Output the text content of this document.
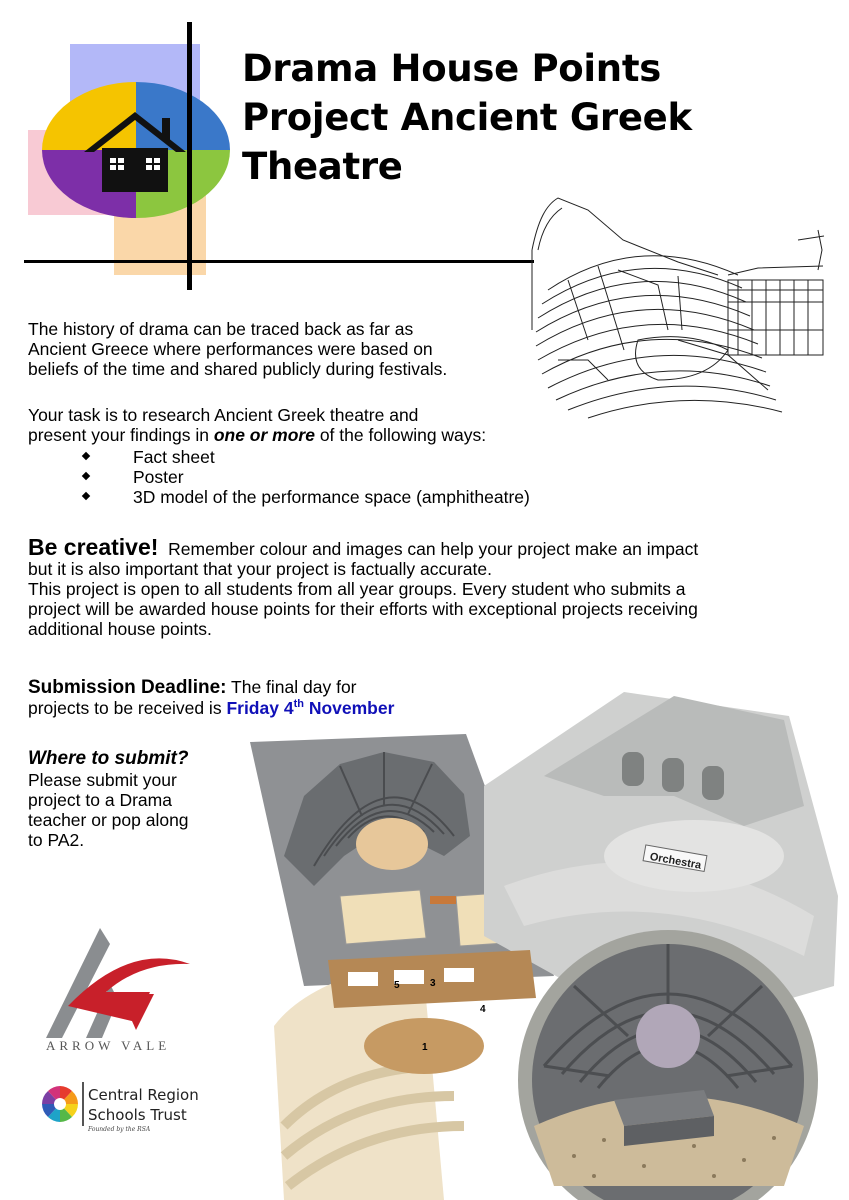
Drama House Points
Project Ancient Greek
Theatre
The history of drama can be traced back as far as
Ancient Greece where performances were based on
beliefs of the time and shared publicly during festivals.
Your task is to research Ancient Greek theatre and
present your findings in one or more of the following ways:
Fact sheet
Poster
3D model of the performance space (amphitheatre)
Be creative! Remember colour and images can help your project make an impact
but it is also important that your project is factually accurate.
This project is open to all students from all year groups. Every student who submits a
project will be awarded house points for their efforts with exceptional projects receiving
additional house points.
Submission Deadline: The final day for
projects to be received is Friday 4th November
Where to submit?
Please submit your
project to a Drama
teacher or pop along
to PA2.
Orchestra
5	3
4
1
ARROW VALE
Central Region
Schools Trust
Founded by the RSA
